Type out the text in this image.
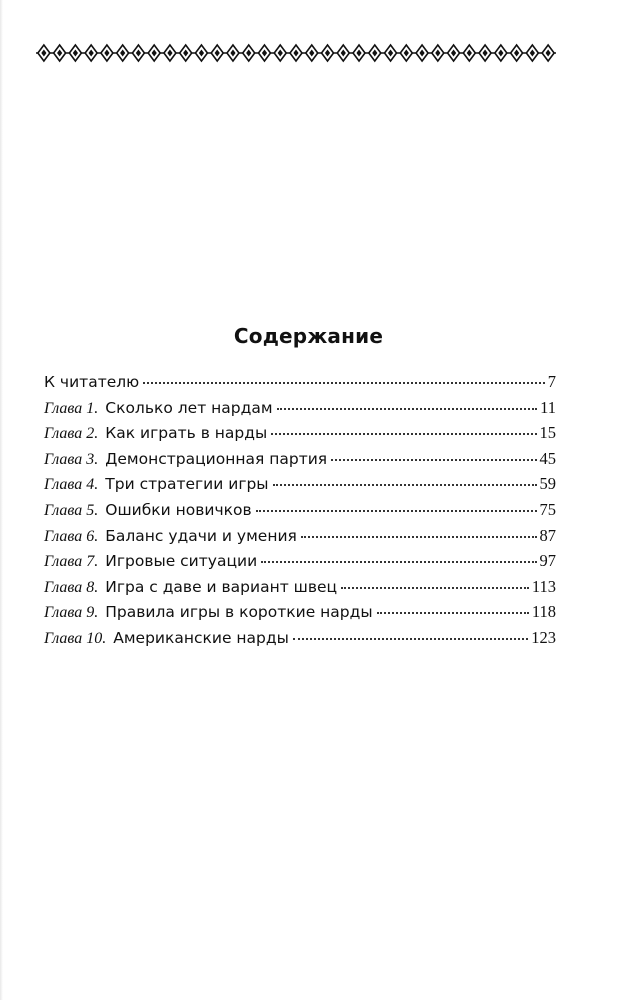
Содержание
К читателю	7
Глава 1. Сколько лет нардам	11
Глава 2. Как играть в нарды	15
Глава 3. Демонстрационная партия	45
Глава 4. Три стратегии игры	59
Глава 5. Ошибки новичков	75
Глава 6. Баланс удачи и умения	87
Глава 7. Игровые ситуации	97
Глава 8. Игра с даве и вариант швец	113
Глава 9. Правила игры в короткие нарды	118
Глава 10. Американские нарды	123
